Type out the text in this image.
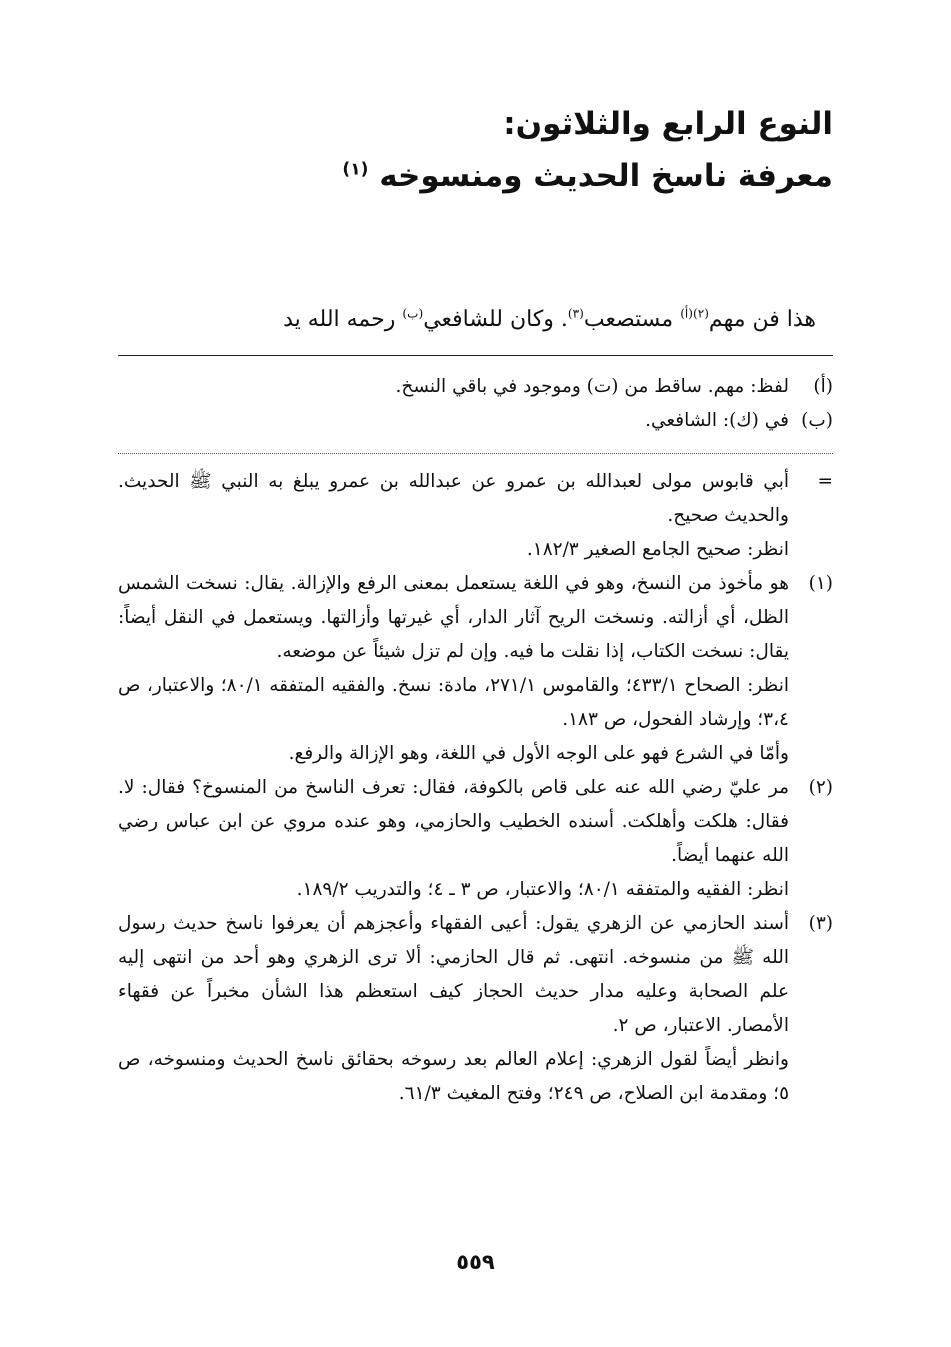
النوع الرابع والثلاثون:
معرفة ناسخ الحديث ومنسوخه $^{(١)}$
هذا فن مهم$^{(٢)(أ)}$ مستصعب$^{(٣)}$. وكان للشافعي$^{(ب)}$ رحمه الله يد
(أ)
لفظ: مهم. ساقط من (ت) وموجود في باقي النسخ.
(ب)
في (ك): الشافعي.
=

أبي قابوس مولى لعبدالله بن عمرو عن عبدالله بن عمرو يبلغ به النبي ﷺ الحديث. والحديث صحيح.

انظر: صحيح الجامع الصغير ١٨٢/٣.

(١)

هو مأخوذ من النسخ، وهو في اللغة يستعمل بمعنى الرفع والإزالة. يقال: نسخت الشمس الظل، أي أزالته. ونسخت الريح آثار الدار، أي غيرتها وأزالتها. ويستعمل في النقل أيضاً: يقال: نسخت الكتاب، إذا نقلت ما فيه. وإن لم تزل شيئاً عن موضعه.

انظر: الصحاح ٤٣٣/١؛ والقاموس ٢٧١/١، مادة: نسخ. والفقيه المتفقه ٨٠/١؛ والاعتبار، ص ٣،٤؛ وإرشاد الفحول، ص ١٨٣.

وأمّا في الشرع فهو على الوجه الأول في اللغة، وهو الإزالة والرفع.

(٢)

مر عليّ رضي الله عنه على قاص بالكوفة، فقال: تعرف الناسخ من المنسوخ؟ فقال: لا. فقال: هلكت وأهلكت. أسنده الخطيب والحازمي، وهو عنده مروي عن ابن عباس رضي الله عنهما أيضاً.

انظر: الفقيه والمتفقه ٨٠/١؛ والاعتبار، ص ٣ ـ ٤؛ والتدريب ١٨٩/٢.

(٣)

أسند الحازمي عن الزهري يقول: أعيى الفقهاء وأعجزهم أن يعرفوا ناسخ حديث رسول الله ﷺ من منسوخه. انتهى. ثم قال الحازمي: ألا ترى الزهري وهو أحد من انتهى إليه علم الصحابة وعليه مدار حديث الحجاز كيف استعظم هذا الشأن مخبراً عن فقهاء الأمصار. الاعتبار، ص ٢.

وانظر أيضاً لقول الزهري: إعلام العالم بعد رسوخه بحقائق ناسخ الحديث ومنسوخه، ص ٥؛ ومقدمة ابن الصلاح، ص ٢٤٩؛ وفتح المغيث ٦١/٣.

٥٥٩
